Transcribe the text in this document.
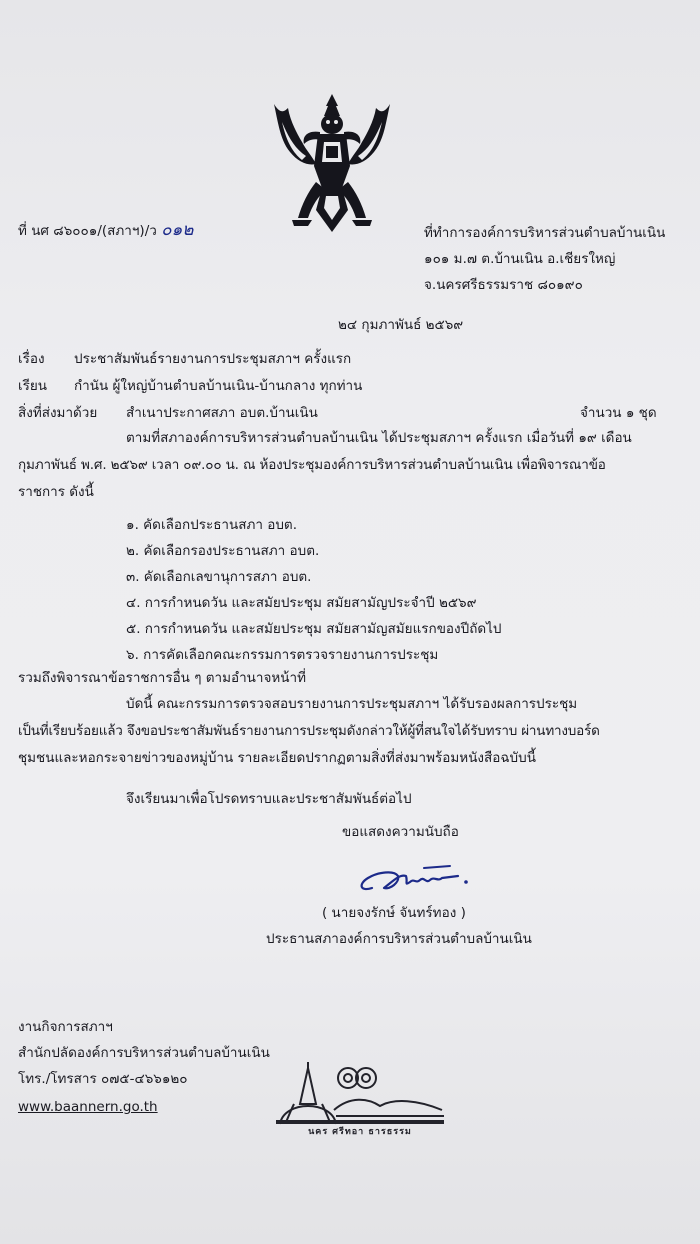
ที่ นศ ๘๖๐๐๑/(สภาฯ)/ว ๐๑๒	ที่ทำการองค์การบริหารส่วนตำบลบ้านเนิน
๑๐๑ ม.๗ ต.บ้านเนิน อ.เชียรใหญ่
จ.นครศรีธรรมราช ๘๐๑๙๐
๒๔ กุมภาพันธ์ ๒๕๖๙
เรื่อง ประชาสัมพันธ์รายงานการประชุมสภาฯ ครั้งแรก
เรียน กำนัน ผู้ใหญ่บ้านตำบลบ้านเนิน-บ้านกลาง ทุกท่าน
สิ่งที่ส่งมาด้วย สำเนาประกาศสภา อบต.บ้านเนิน	จำนวน ๑ ชุด
ตามที่สภาองค์การบริหารส่วนตำบลบ้านเนิน ได้ประชุมสภาฯ ครั้งแรก เมื่อวันที่ ๑๙ เดือน
กุมภาพันธ์ พ.ศ. ๒๕๖๙ เวลา ๐๙.๐๐ น. ณ ห้องประชุมองค์การบริหารส่วนตำบลบ้านเนิน เพื่อพิจารณาข้อ
ราชการ ดังนี้
๑. คัดเลือกประธานสภา อบต.
๒. คัดเลือกรองประธานสภา อบต.
๓. คัดเลือกเลขานุการสภา อบต.
๔. การกำหนดวัน และสมัยประชุม สมัยสามัญประจำปี ๒๕๖๙
๕. การกำหนดวัน และสมัยประชุม สมัยสามัญสมัยแรกของปีถัดไป
๖. การคัดเลือกคณะกรรมการตรวจรายงานการประชุม
รวมถึงพิจารณาข้อราชการอื่น ๆ ตามอำนาจหน้าที่
บัดนี้ คณะกรรมการตรวจสอบรายงานการประชุมสภาฯ ได้รับรองผลการประชุม
เป็นที่เรียบร้อยแล้ว จึงขอประชาสัมพันธ์รายงานการประชุมดังกล่าวให้ผู้ที่สนใจได้รับทราบ ผ่านทางบอร์ด
ชุมชนและหอกระจายข่าวของหมู่บ้าน รายละเอียดปรากฏตามสิ่งที่ส่งมาพร้อมหนังสือฉบับนี้
จึงเรียนมาเพื่อโปรดทราบและประชาสัมพันธ์ต่อไป
ขอแสดงความนับถือ
( นายจงรักษ์ จันทร์ทอง )
ประธานสภาองค์การบริหารส่วนตำบลบ้านเนิน
งานกิจการสภาฯ
สำนักปลัดองค์การบริหารส่วนตำบลบ้านเนิน
โทร./โทรสาร ๐๗๕-๔๖๖๑๒๐
www.baannern.go.th
นคร ศรีทอา ธารธรรม
